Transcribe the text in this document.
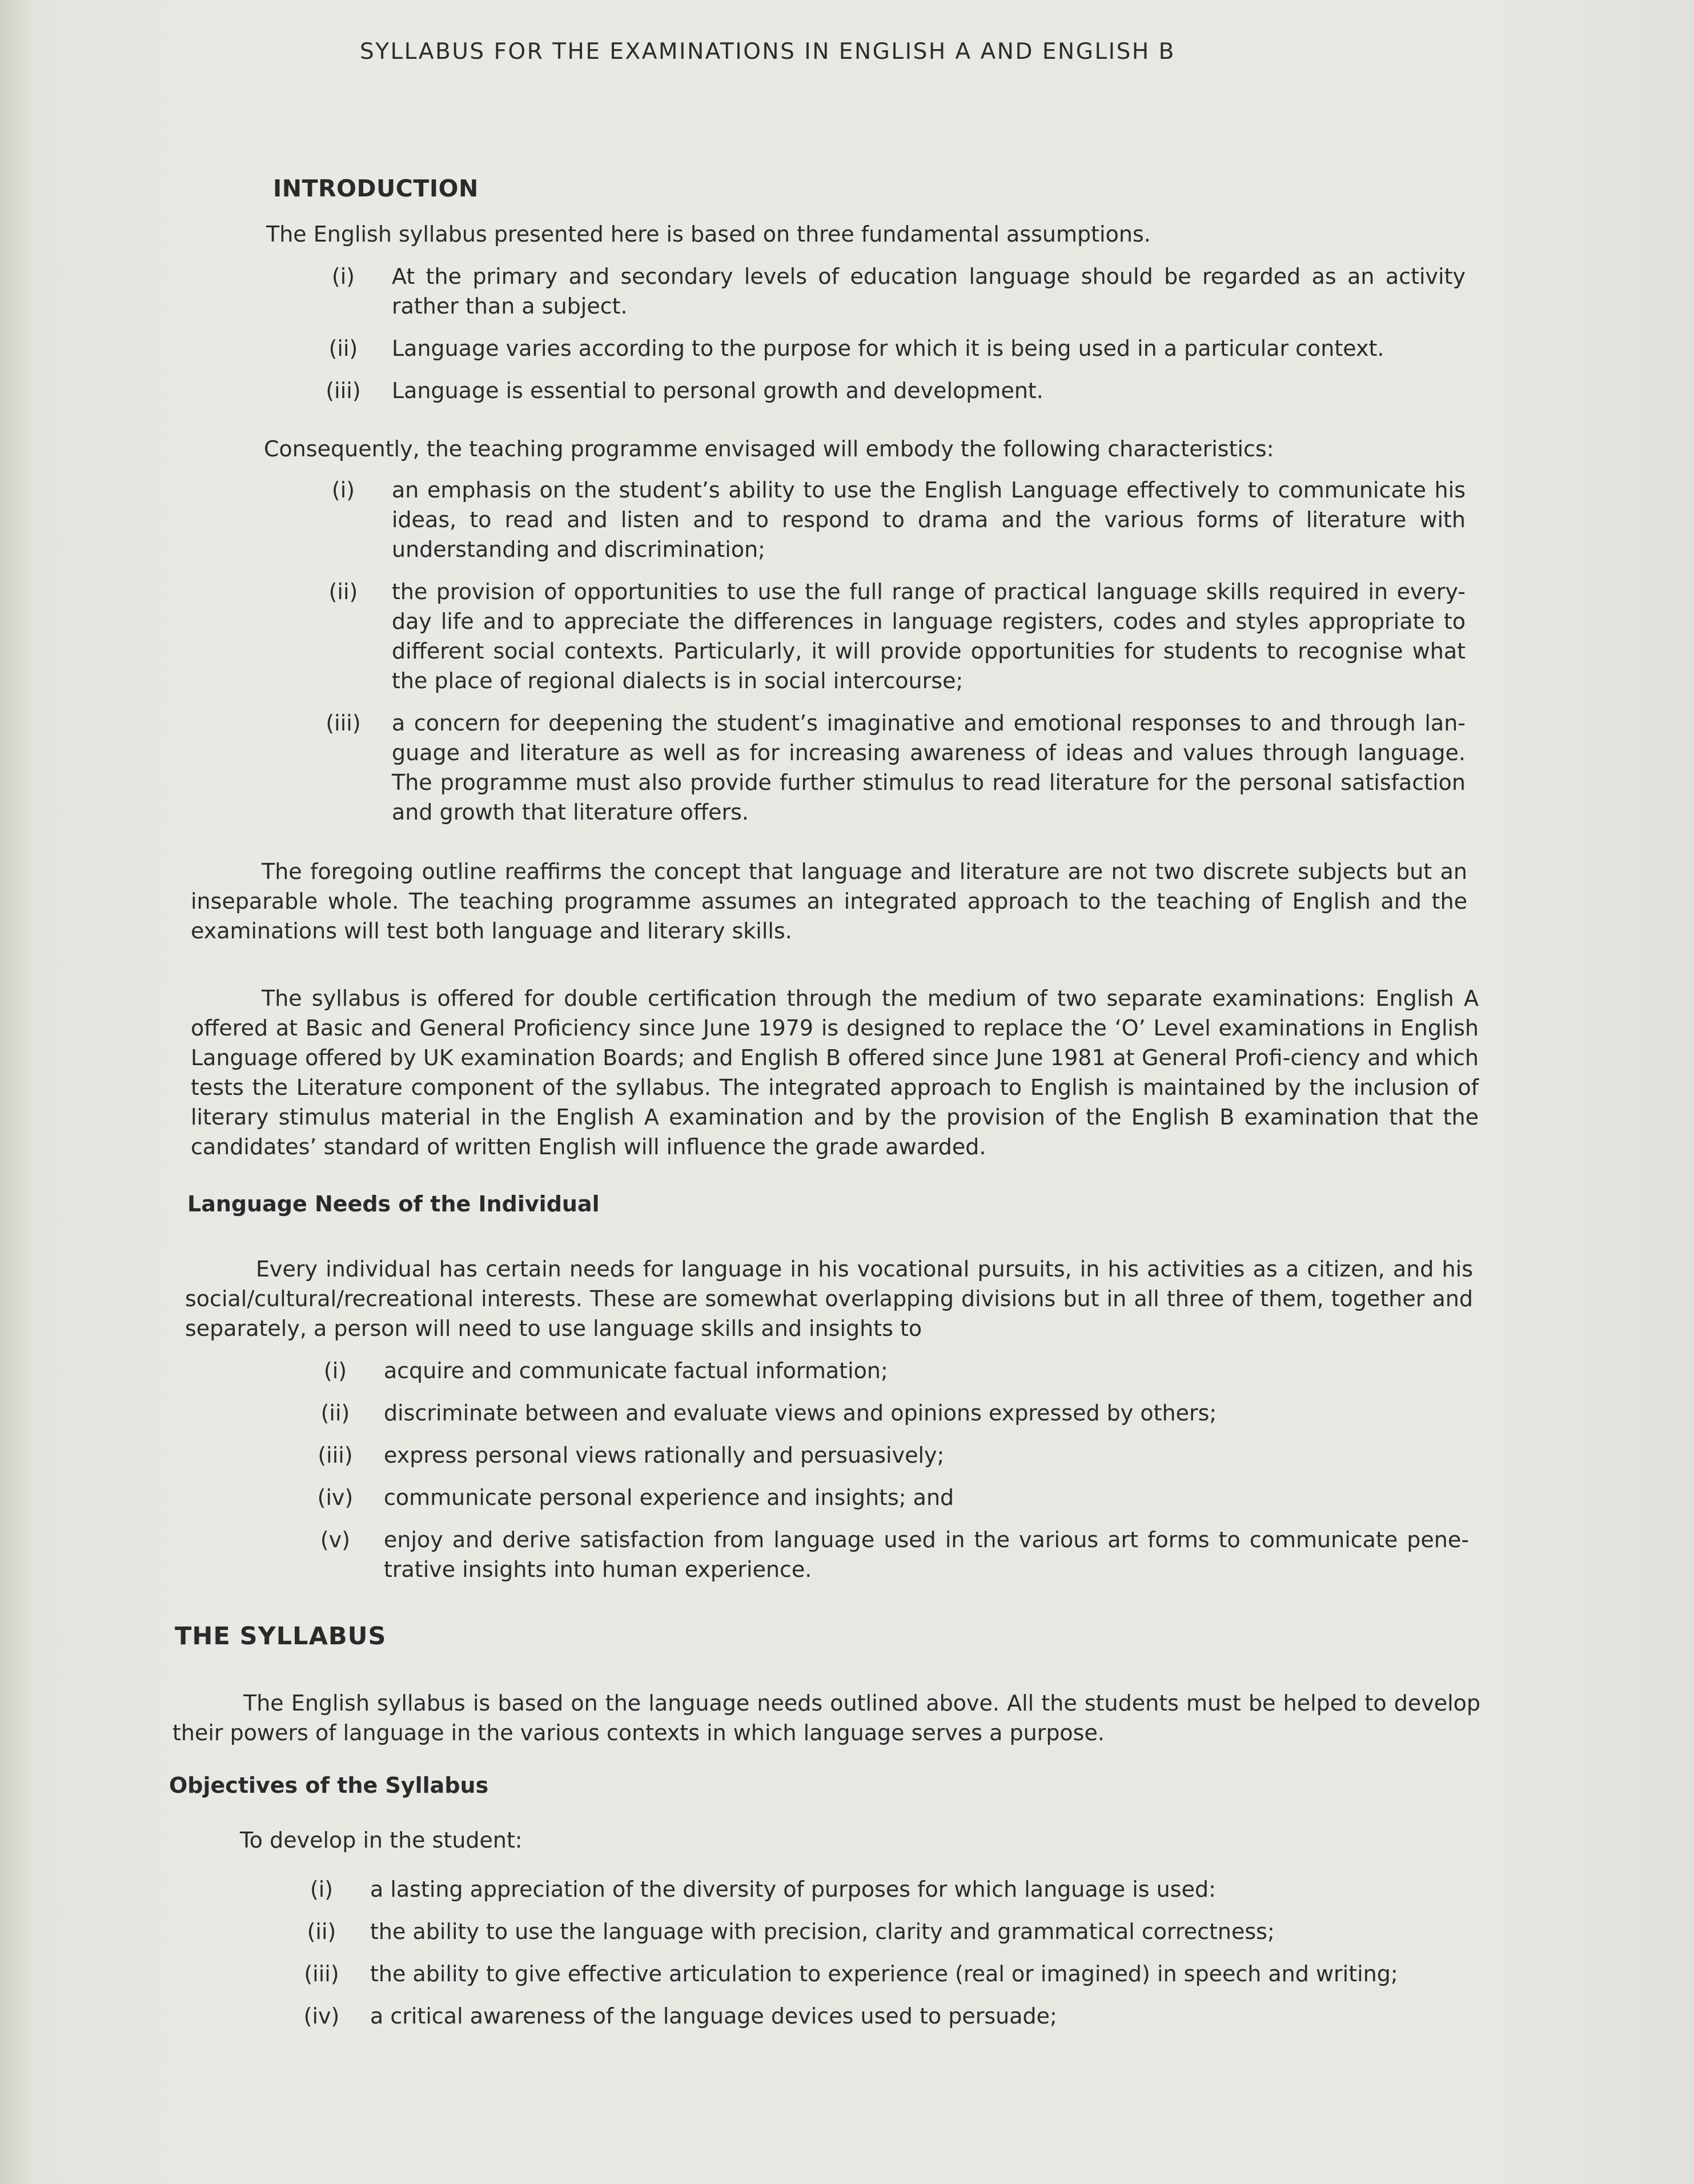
SYLLABUS FOR THE EXAMINATIONS IN ENGLISH A AND ENGLISH B
INTRODUCTION

The English syllabus presented here is based on three fundamental assumptions.

(i)	At the primary and secondary levels of education language should be regarded as an activity rather than a subject.
(ii)	Language varies according to the purpose for which it is being used in a particular context.
(iii)	Language is essential to personal growth and development.

Consequently, the teaching programme envisaged will embody the following characteristics:

(i)	an emphasis on the student’s ability to use the English Language effectively to communicate his ideas, to read and listen and to respond to drama and the various forms of literature with understanding and discrimination;
(ii)	the provision of opportunities to use the full range of practical language skills required in every-day life and to appreciate the differences in language registers, codes and styles appropriate to different social contexts. Particularly, it will provide opportunities for students to recognise what the place of regional dialects is in social intercourse;
(iii)	a concern for deepening the student’s imaginative and emotional responses to and through lan-guage and literature as well as for increasing awareness of ideas and values through language. The programme must also provide further stimulus to read literature for the personal satisfaction and growth that literature offers.

The foregoing outline reaffirms the concept that language and literature are not two discrete subjects but an inseparable whole. The teaching programme assumes an integrated approach to the teaching of English and the examinations will test both language and literary skills.

The syllabus is offered for double certification through the medium of two separate examinations: English A offered at Basic and General Proficiency since June 1979 is designed to replace the ‘O’ Level examinations in English Language offered by UK examination Boards; and English B offered since June 1981 at General Profi-ciency and which tests the Literature component of the syllabus. The integrated approach to English is maintained by the inclusion of literary stimulus material in the English A examination and by the provision of the English B examination that the candidates’ standard of written English will influence the grade awarded.

Language Needs of the Individual

Every individual has certain needs for language in his vocational pursuits, in his activities as a citizen, and his social/cultural/recreational interests. These are somewhat overlapping divisions but in all three of them, together and separately, a person will need to use language skills and insights to

(i)	acquire and communicate factual information;
(ii)	discriminate between and evaluate views and opinions expressed by others;
(iii)	express personal views rationally and persuasively;
(iv)	communicate personal experience and insights; and
(v)	enjoy and derive satisfaction from language used in the various art forms to communicate pene-trative insights into human experience.
THE SYLLABUS

The English syllabus is based on the language needs outlined above. All the students must be helped to develop their powers of language in the various contexts in which language serves a purpose.

Objectives of the Syllabus

To develop in the student:

(i)	a lasting appreciation of the diversity of purposes for which language is used:
(ii)	the ability to use the language with precision, clarity and grammatical correctness;
(iii)	the ability to give effective articulation to experience (real or imagined) in speech and writing;
(iv)	a critical awareness of the language devices used to persuade;
